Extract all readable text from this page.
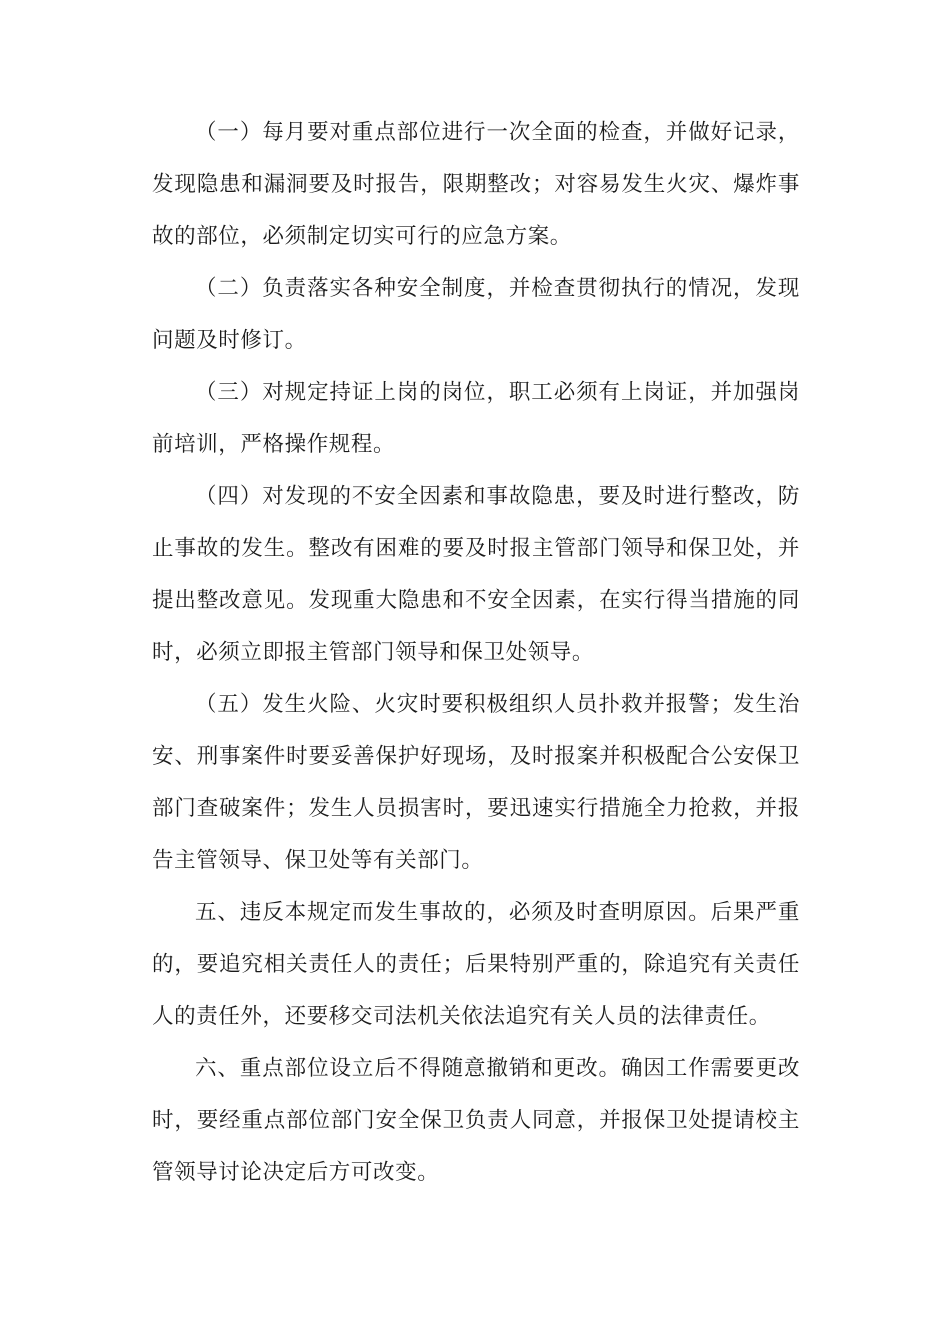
（一）每月要对重点部位进行一次全面的检查，并做好记录，发现隐患和漏洞要及时报告，限期整改；对容易发生火灾、爆炸事故的部位，必须制定切实可行的应急方案。

（二）负责落实各种安全制度，并检查贯彻执行的情况，发现问题及时修订。

（三）对规定持证上岗的岗位，职工必须有上岗证，并加强岗前培训，严格操作规程。

（四）对发现的不安全因素和事故隐患，要及时进行整改，防止事故的发生。整改有困难的要及时报主管部门领导和保卫处，并提出整改意见。发现重大隐患和不安全因素，在实行得当措施的同时，必须立即报主管部门领导和保卫处领导。

（五）发生火险、火灾时要积极组织人员扑救并报警；发生治安、刑事案件时要妥善保护好现场，及时报案并积极配合公安保卫部门查破案件；发生人员损害时，要迅速实行措施全力抢救，并报告主管领导、保卫处等有关部门。

五、违反本规定而发生事故的，必须及时查明原因。后果严重的，要追究相关责任人的责任；后果特别严重的，除追究有关责任人的责任外，还要移交司法机关依法追究有关人员的法律责任。

六、重点部位设立后不得随意撤销和更改。确因工作需要更改时，要经重点部位部门安全保卫负责人同意，并报保卫处提请校主管领导讨论决定后方可改变。
